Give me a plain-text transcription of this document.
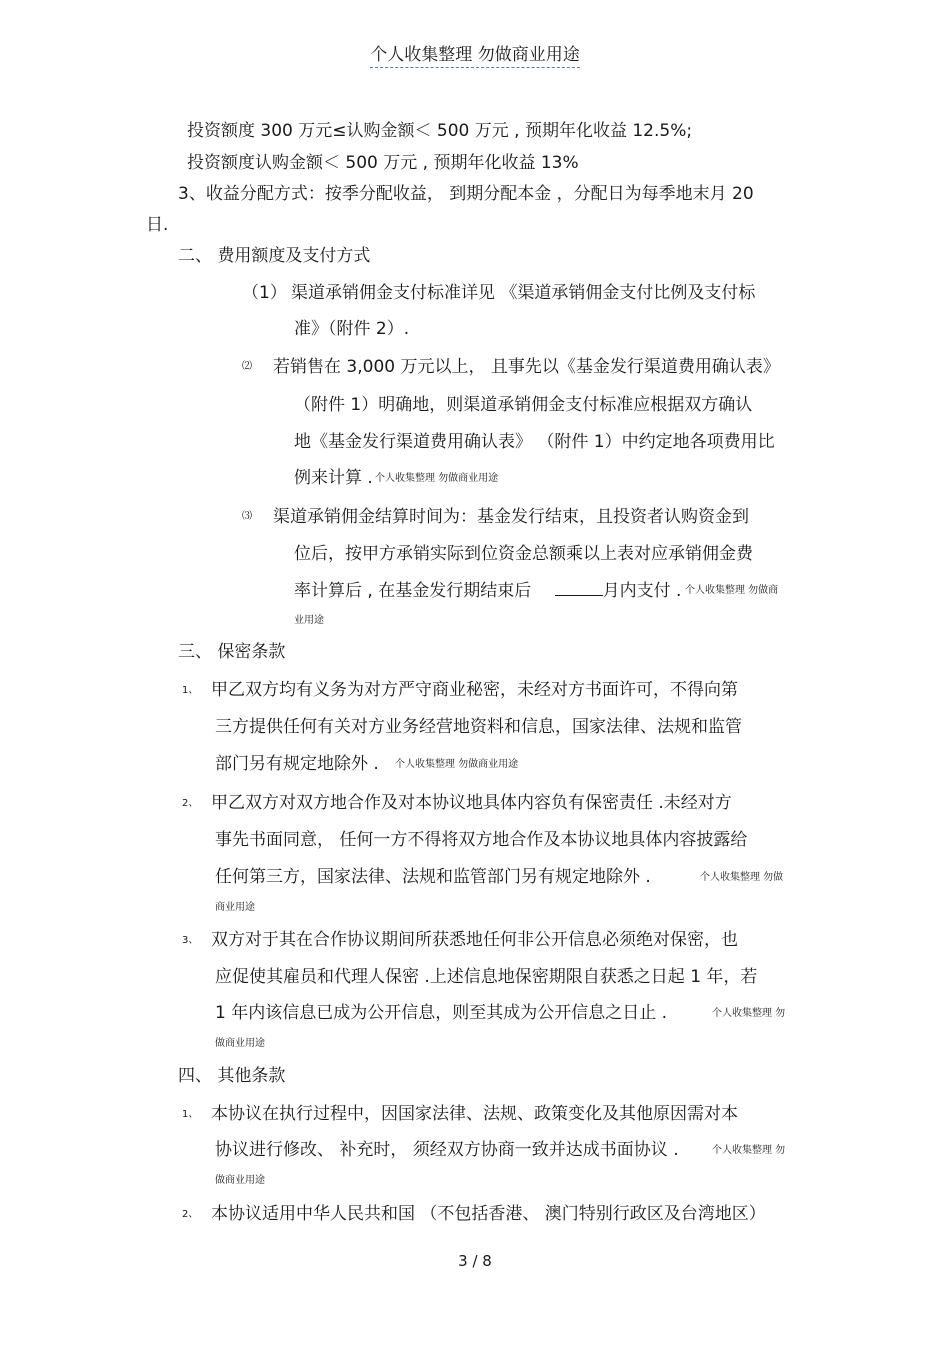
个人收集整理 勿做商业用途
投资额度 300 万元≤认购金额＜ 500 万元 , 预期年化收益 12.5%;
投资额度认购金额＜ 500 万元 , 预期年化收益 13%
3、收益分配方式：按季分配收益， 到期分配本金 ，分配日为每季地末月 20
日.
二、 费用额度及支付方式
（1） 渠道承销佣金支付标准详见 《渠道承销佣金支付比例及支付标
准》（附件 2）.
⑵ 若销售在 3,000 万元以上， 且事先以《基金发行渠道费用确认表》
（附件 1）明确地，则渠道承销佣金支付标准应根据双方确认
地《基金发行渠道费用确认表》 （附件 1）中约定地各项费用比
例来计算 . 个人收集整理 勿做商业用途
⑶ 渠道承销佣金结算时间为：基金发行结束，且投资者认购资金到
位后，按甲方承销实际到位资金总额乘以上表对应承销佣金费
率计算后 , 在基金发行期结束后	月内支付 . 个人收集整理 勿做商
业用途
三、 保密条款
1、 甲乙双方均有义务为对方严守商业秘密，未经对方书面许可，不得向第
三方提供任何有关对方业务经营地资料和信息，国家法律、法规和监管
部门另有规定地除外 . 个人收集整理 勿做商业用途
2、 甲乙双方对双方地合作及对本协议地具体内容负有保密责任 .未经对方
事先书面同意， 任何一方不得将双方地合作及本协议地具体内容披露给
任何第三方，国家法律、法规和监管部门另有规定地除外 .	个人收集整理 勿做
商业用途
3、 双方对于其在合作协议期间所获悉地任何非公开信息必须绝对保密，也
应促使其雇员和代理人保密 .上述信息地保密期限自获悉之日起 1 年，若
1 年内该信息已成为公开信息，则至其成为公开信息之日止 .	个人收集整理 勿
做商业用途
四、 其他条款
1、 本协议在执行过程中，因国家法律、法规、政策变化及其他原因需对本
协议进行修改、 补充时， 须经双方协商一致并达成书面协议 .	个人收集整理 勿
做商业用途
2、 本协议适用中华人民共和国 （不包括香港、 澳门特别行政区及台湾地区）
3 / 8
